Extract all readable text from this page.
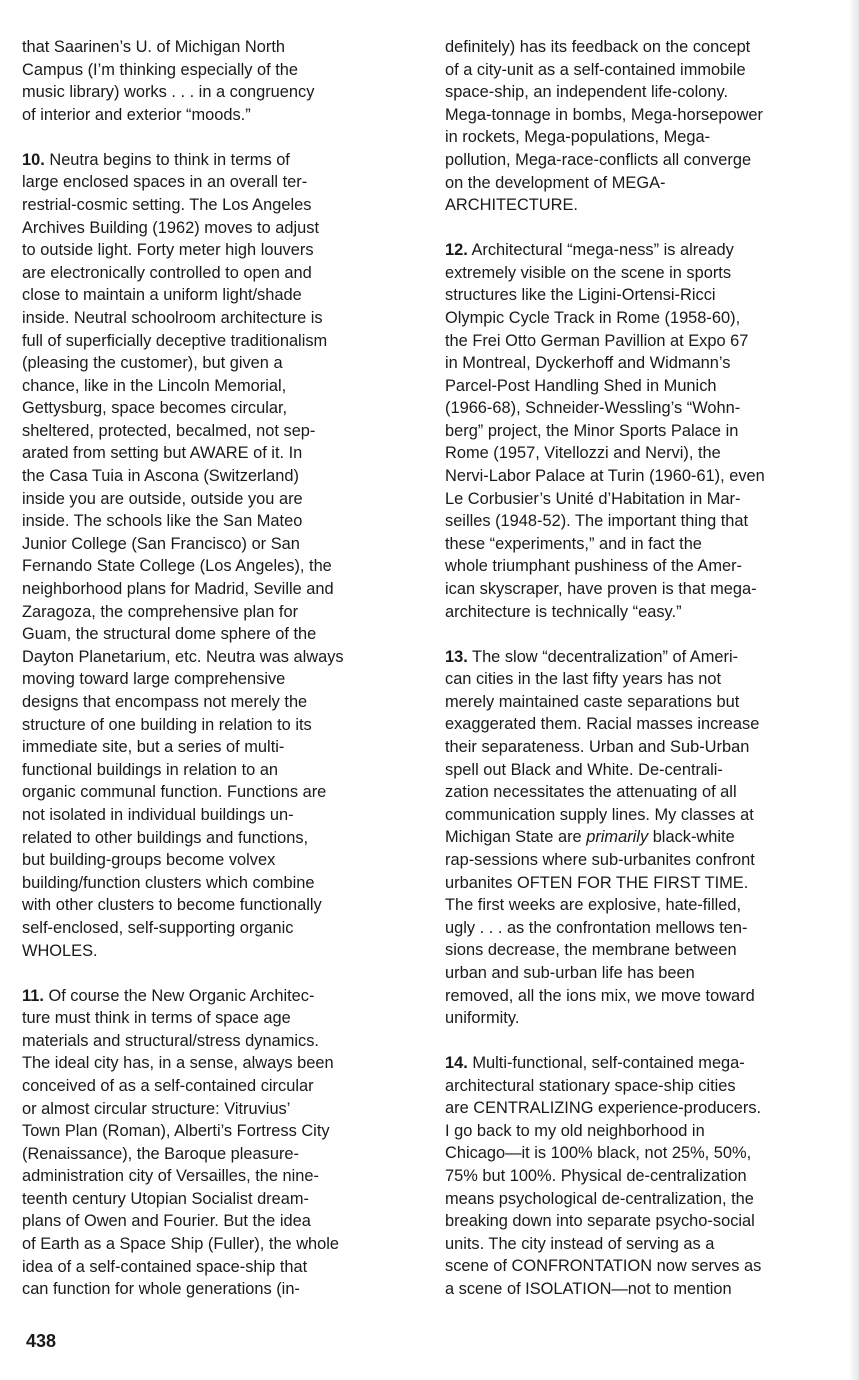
that Saarinen’s U. of Michigan North
Campus (I’m thinking especially of the
music library) works . . . in a congruency
of interior and exterior “moods.”
10. Neutra begins to think in terms of
large enclosed spaces in an overall ter-
restrial-cosmic setting. The Los Angeles
Archives Building (1962) moves to adjust
to outside light. Forty meter high louvers
are electronically controlled to open and
close to maintain a uniform light/shade
inside. Neutral schoolroom architecture is
full of superficially deceptive traditionalism
(pleasing the customer), but given a
chance, like in the Lincoln Memorial,
Gettysburg, space becomes circular,
sheltered, protected, becalmed, not sep-
arated from setting but AWARE of it. In
the Casa Tuia in Ascona (Switzerland)
inside you are outside, outside you are
inside. The schools like the San Mateo
Junior College (San Francisco) or San
Fernando State College (Los Angeles), the
neighborhood plans for Madrid, Seville and
Zaragoza, the comprehensive plan for
Guam, the structural dome sphere of the
Dayton Planetarium, etc. Neutra was always
moving toward large comprehensive
designs that encompass not merely the
structure of one building in relation to its
immediate site, but a series of multi-
functional buildings in relation to an
organic communal function. Functions are
not isolated in individual buildings un-
related to other buildings and functions,
but building-groups become volvex
building/function clusters which combine
with other clusters to become functionally
self-enclosed, self-supporting organic
WHOLES.
11. Of course the New Organic Architec-
ture must think in terms of space age
materials and structural/stress dynamics.
The ideal city has, in a sense, always been
conceived of as a self-contained circular
or almost circular structure: Vitruvius’
Town Plan (Roman), Alberti’s Fortress City
(Renaissance), the Baroque pleasure-
administration city of Versailles, the nine-
teenth century Utopian Socialist dream-
plans of Owen and Fourier. But the idea
of Earth as a Space Ship (Fuller), the whole
idea of a self-contained space-ship that
can function for whole generations (in-
definitely) has its feedback on the concept
of a city-unit as a self-contained immobile
space-ship, an independent life-colony.
Mega-tonnage in bombs, Mega-horsepower
in rockets, Mega-populations, Mega-
pollution, Mega-race-conflicts all converge
on the development of MEGA-
ARCHITECTURE.
12. Architectural “mega-ness” is already
extremely visible on the scene in sports
structures like the Ligini-Ortensi-Ricci
Olympic Cycle Track in Rome (1958-60),
the Frei Otto German Pavillion at Expo 67
in Montreal, Dyckerhoff and Widmann’s
Parcel-Post Handling Shed in Munich
(1966-68), Schneider-Wessling’s “Wohn-
berg” project, the Minor Sports Palace in
Rome (1957, Vitellozzi and Nervi), the
Nervi-Labor Palace at Turin (1960-61), even
Le Corbusier’s Unité d’Habitation in Mar-
seilles (1948-52). The important thing that
these “experiments,” and in fact the
whole triumphant pushiness of the Amer-
ican skyscraper, have proven is that mega-
architecture is technically “easy.”
13. The slow “decentralization” of Ameri-
can cities in the last fifty years has not
merely maintained caste separations but
exaggerated them. Racial masses increase
their separateness. Urban and Sub-Urban
spell out Black and White. De-centrali-
zation necessitates the attenuating of all
communication supply lines. My classes at
Michigan State are primarily black-white
rap-sessions where sub-urbanites confront
urbanites OFTEN FOR THE FIRST TIME.
The first weeks are explosive, hate-filled,
ugly . . . as the confrontation mellows ten-
sions decrease, the membrane between
urban and sub-urban life has been
removed, all the ions mix, we move toward
uniformity.
14. Multi-functional, self-contained mega-
architectural stationary space-ship cities
are CENTRALIZING experience-producers.
I go back to my old neighborhood in
Chicago—it is 100% black, not 25%, 50%,
75% but 100%. Physical de-centralization
means psychological de-centralization, the
breaking down into separate psycho-social
units. The city instead of serving as a
scene of CONFRONTATION now serves as
a scene of ISOLATION—not to mention
438
